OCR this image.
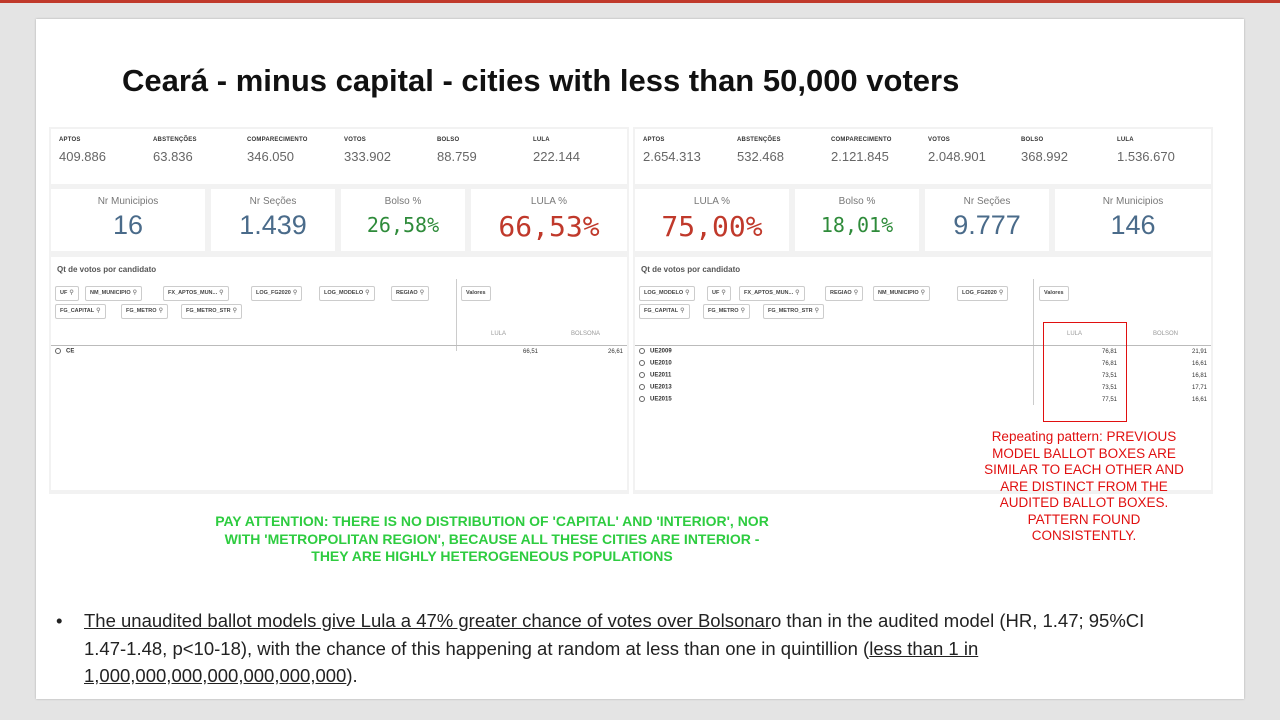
Ceará - minus capital - cities with less than 50,000 voters
APTOS
409.886
ABSTENÇÕES
63.836
COMPARECIMENTO
346.050
VOTOS
333.902
BOLSO
88.759
LULA
222.144
Nr Municipios
16
Nr Seções
1.439
Bolso %
26,58%
LULA %
66,53%
Qt de votos por candidato
UF ⚲	NM_MUNICIPIO ⚲	FX_APTOS_MUN... ⚲	LOG_FG2020 ⚲	LOG_MODELO ⚲	REGIAO ⚲
FG_CAPITAL ⚲	FG_METRO ⚲	FG_METRO_STR ⚲
Valores
LULA	BOLSONA
CE	66,51	26,61
APTOS
2.654.313
ABSTENÇÕES
532.468
COMPARECIMENTO
2.121.845
VOTOS
2.048.901
BOLSO
368.992
LULA
1.536.670
LULA %
75,00%
Bolso %
18,01%
Nr Seções
9.777
Nr Municipios
146
Qt de votos por candidato
LOG_MODELO ⚲	UF ⚲	FX_APTOS_MUN... ⚲	REGIAO ⚲	NM_MUNICIPIO ⚲	LOG_FG2020 ⚲
FG_CAPITAL ⚲	FG_METRO ⚲	FG_METRO_STR ⚲
Valores
LULA	BOLSON
UE2009	76,81	21,91
UE2010	76,81	16,61
UE2011	73,51	16,81
UE2013	73,51	17,71
UE2015	77,51	16,61
Repeating pattern: PREVIOUS
MODEL BALLOT BOXES ARE
SIMILAR TO EACH OTHER AND
ARE DISTINCT FROM THE
AUDITED BALLOT BOXES.
PATTERN FOUND
CONSISTENTLY.
PAY ATTENTION: THERE IS NO DISTRIBUTION OF 'CAPITAL' AND 'INTERIOR', NOR
WITH 'METROPOLITAN REGION', BECAUSE ALL THESE CITIES ARE INTERIOR -
THEY ARE HIGHLY HETEROGENEOUS POPULATIONS
• The unaudited ballot models give Lula a 47% greater chance of votes over Bolsonaro than in the audited model (HR, 1.47; 95%CI 1.47-1.48, p<10-18), with the chance of this happening at random at less than one in quintillion (less than 1 in 1,000,000,000,000,000,000,000).
